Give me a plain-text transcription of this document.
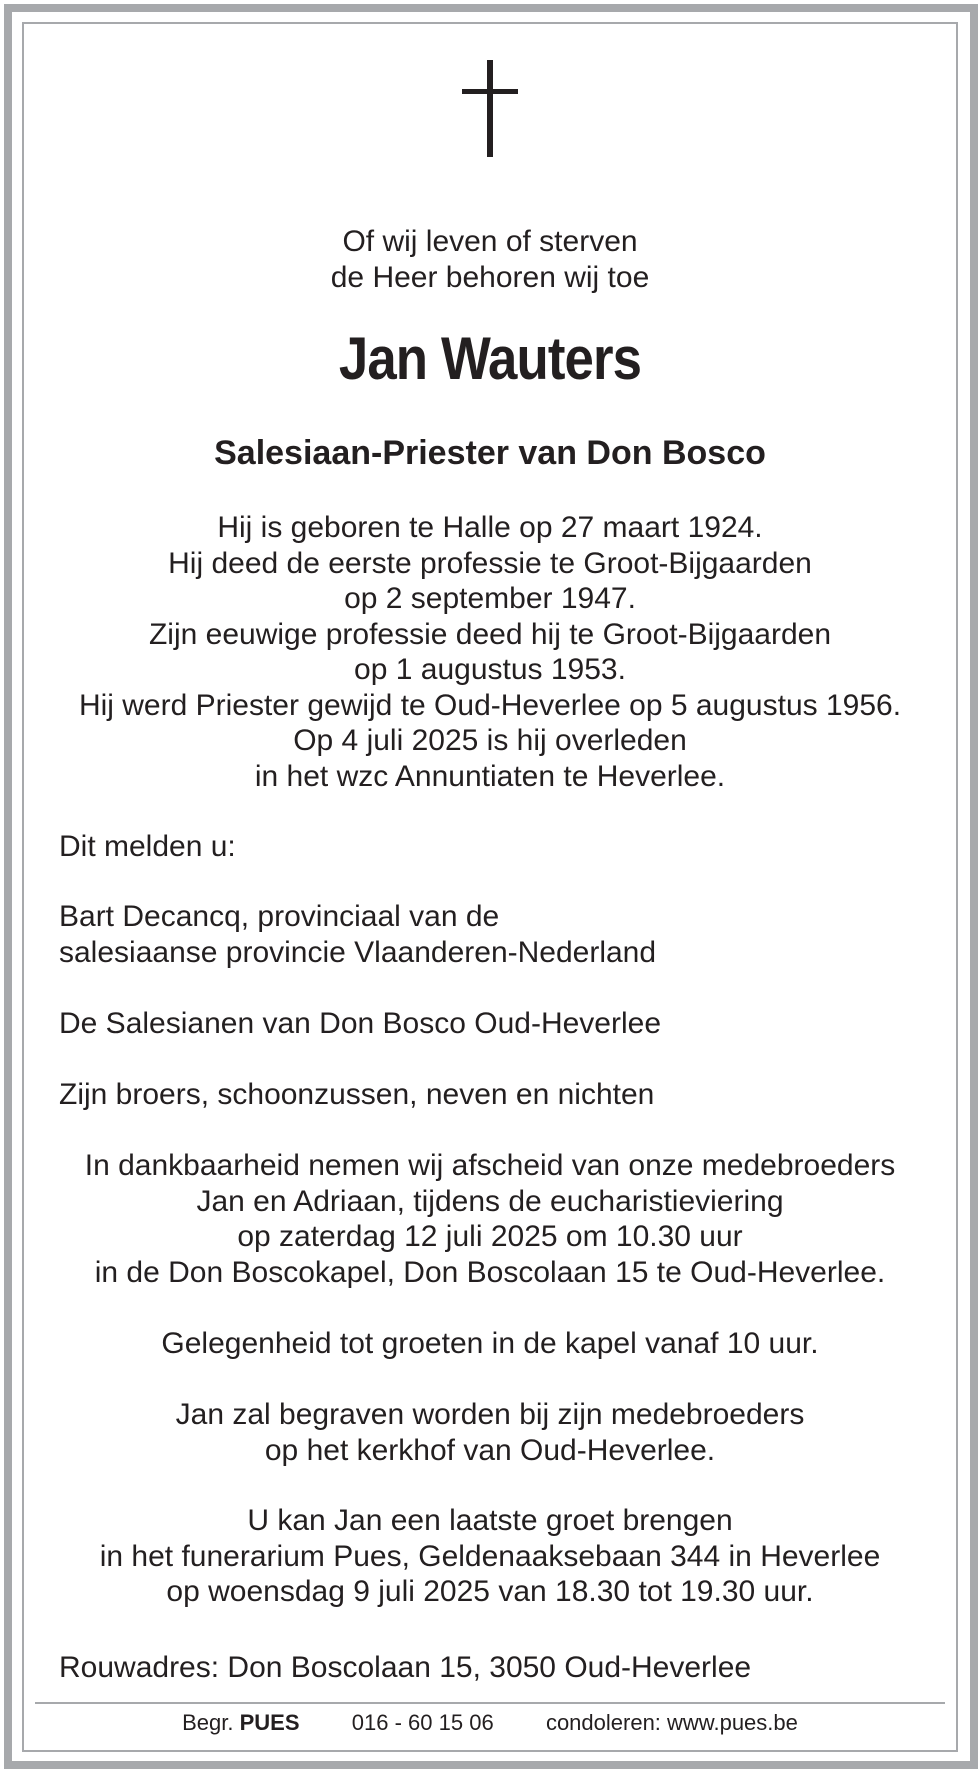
Of wij leven of sterven
de Heer behoren wij toe
Jan Wauters
Salesiaan-Priester van Don Bosco
Hij is geboren te Halle op 27 maart 1924.
Hij deed de eerste professie te Groot-Bijgaarden
op 2 september 1947.
Zijn eeuwige professie deed hij te Groot-Bijgaarden
op 1 augustus 1953.
Hij werd Priester gewijd te Oud-Heverlee op 5 augustus 1956.
Op 4 juli 2025 is hij overleden
in het wzc Annuntiaten te Heverlee.
Dit melden u:
Bart Decancq, provinciaal van de
salesiaanse provincie Vlaanderen-Nederland
De Salesianen van Don Bosco Oud-Heverlee
Zijn broers, schoonzussen, neven en nichten
In dankbaarheid nemen wij afscheid van onze medebroeders
Jan en Adriaan, tijdens de eucharistieviering
op zaterdag 12 juli 2025 om 10.30 uur
in de Don Boscokapel, Don Boscolaan 15 te Oud-Heverlee.
Gelegenheid tot groeten in de kapel vanaf 10 uur.
Jan zal begraven worden bij zijn medebroeders
op het kerkhof van Oud-Heverlee.
U kan Jan een laatste groet brengen
in het funerarium Pues, Geldenaaksebaan 344 in Heverlee
op woensdag 9 juli 2025 van 18.30 tot 19.30 uur.
Rouwadres: Don Boscolaan 15, 3050 Oud-Heverlee
Begr. PUES 016 - 60 15 06 condoleren: www.pues.be
